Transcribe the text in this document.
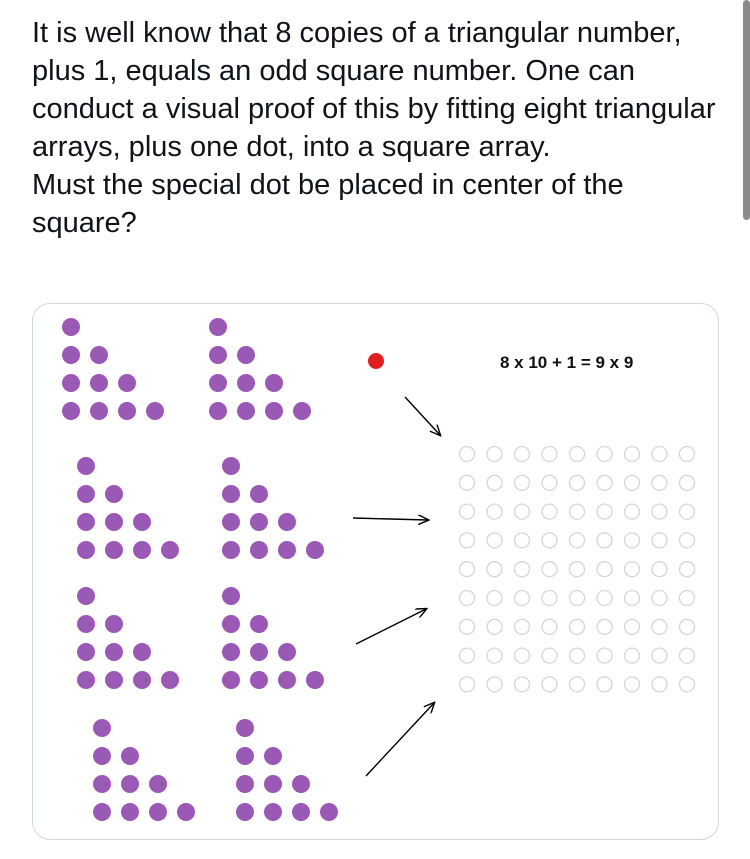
It is well know that 8 copies of a triangular number, plus 1, equals an odd square number. One can conduct a visual proof of this by fitting eight triangular arrays, plus one dot, into a square array.

Must the special dot be placed in center of the square?

8 x 10 + 1 = 9 x 9
